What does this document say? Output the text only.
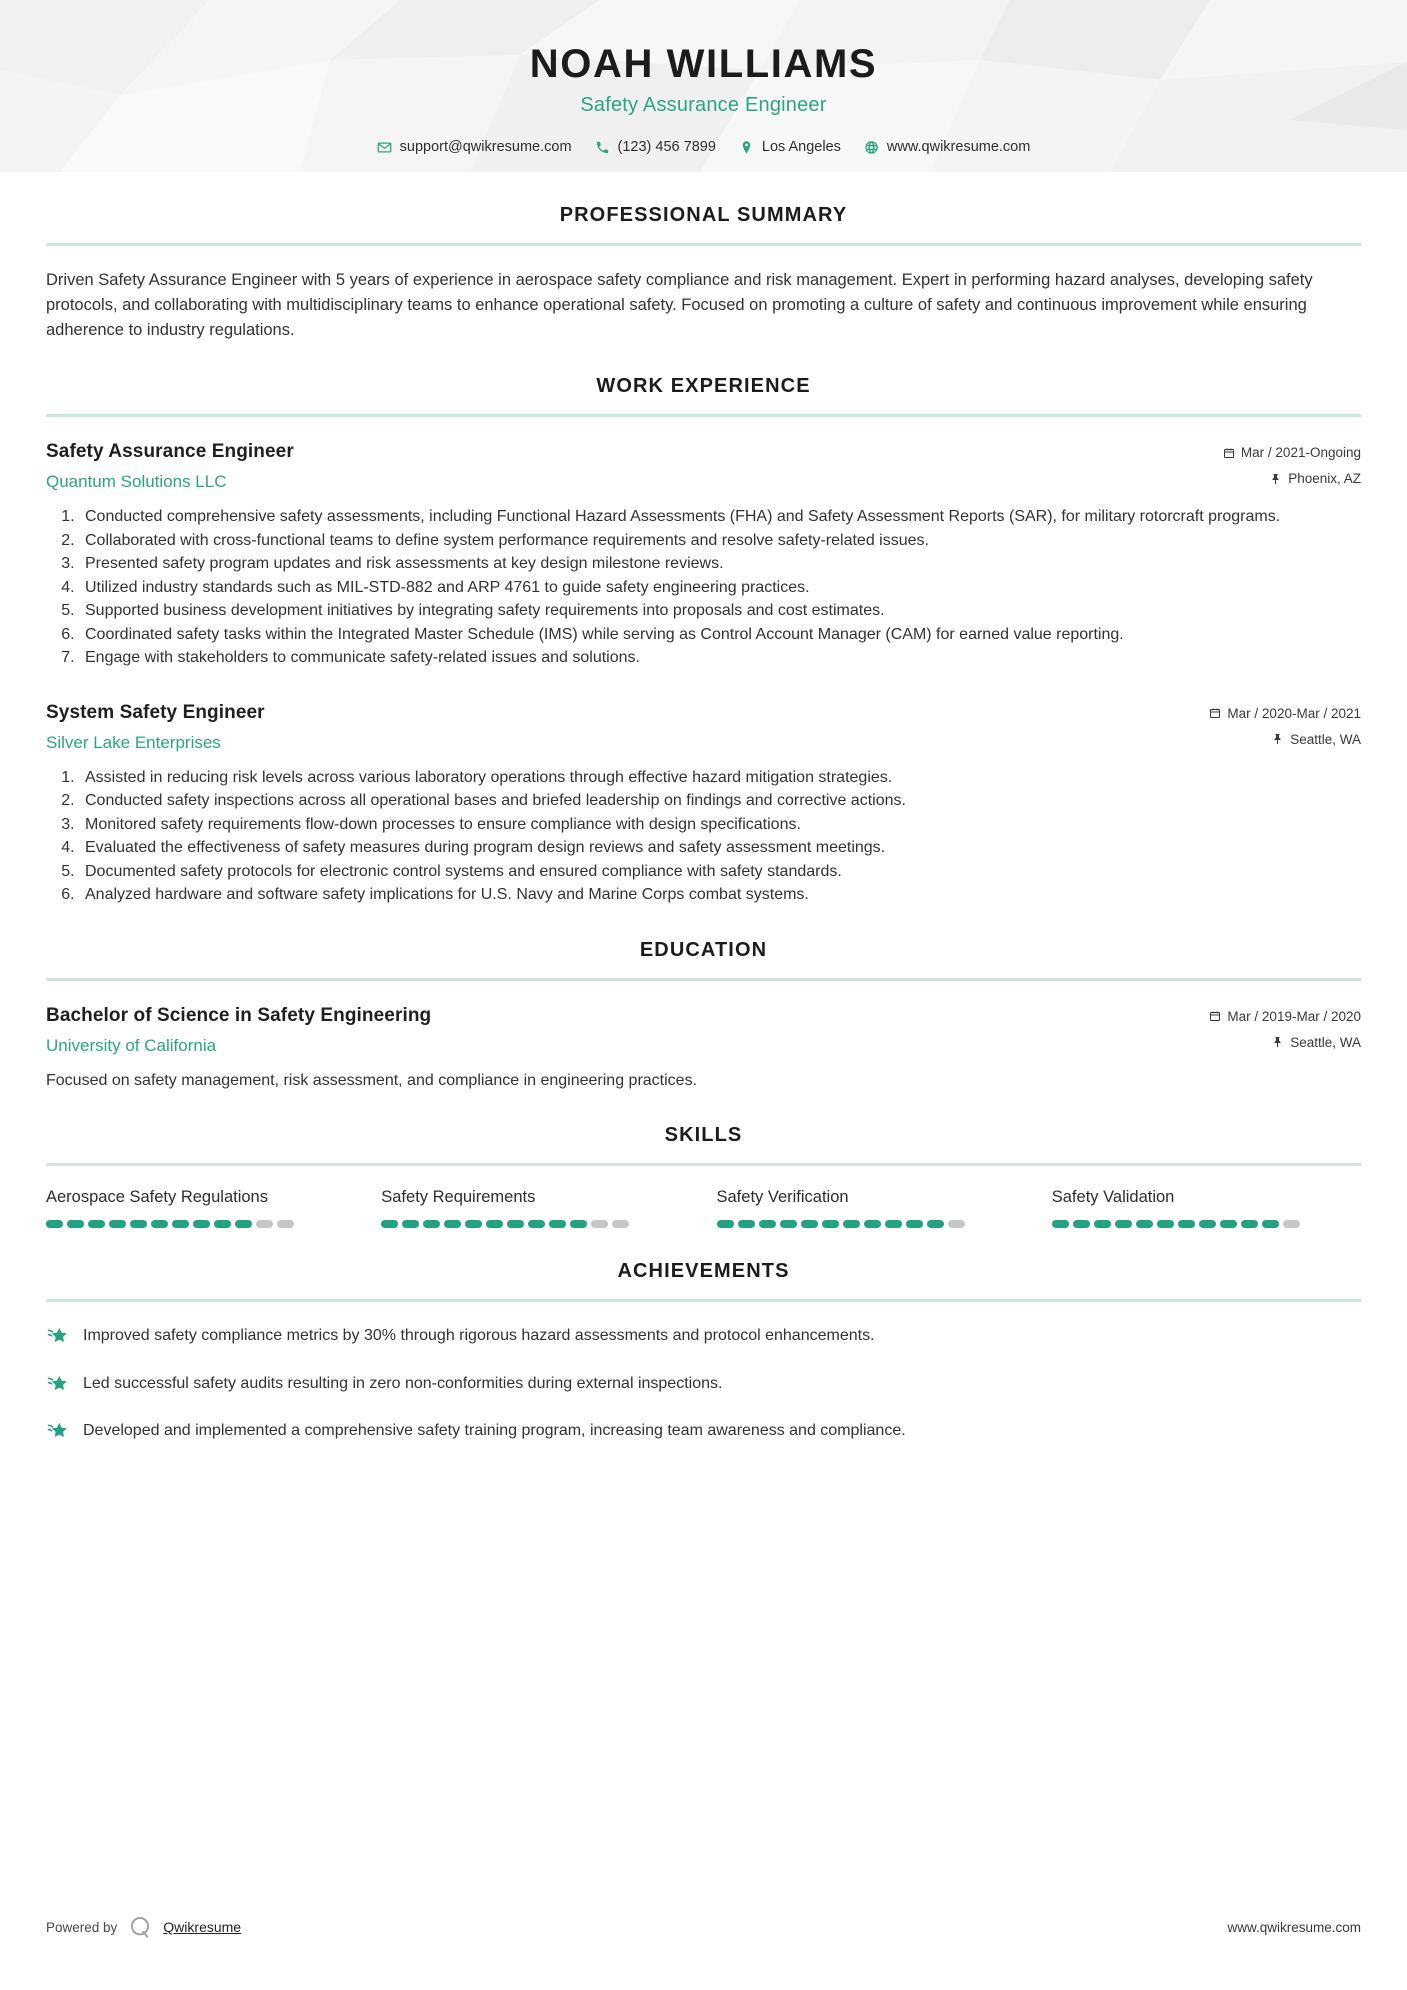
NOAH WILLIAMS
Safety Assurance Engineer
support@qwikresume.com	(123) 456 7899	Los Angeles	www.qwikresume.com
PROFESSIONAL SUMMARY

Driven Safety Assurance Engineer with 5 years of experience in aerospace safety compliance and risk management. Expert in performing hazard analyses, developing safety protocols, and collaborating with multidisciplinary teams to enhance operational safety. Focused on promoting a culture of safety and continuous improvement while ensuring adherence to industry regulations.

WORK EXPERIENCE
Safety Assurance Engineer
Quantum Solutions LLC
Mar / 2021-Ongoing
Phoenix, AZ
1. Conducted comprehensive safety assessments, including Functional Hazard Assessments (FHA) and Safety Assessment Reports (SAR), for military rotorcraft programs.
2. Collaborated with cross-functional teams to define system performance requirements and resolve safety-related issues.
3. Presented safety program updates and risk assessments at key design milestone reviews.
4. Utilized industry standards such as MIL-STD-882 and ARP 4761 to guide safety engineering practices.
5. Supported business development initiatives by integrating safety requirements into proposals and cost estimates.
6. Coordinated safety tasks within the Integrated Master Schedule (IMS) while serving as Control Account Manager (CAM) for earned value reporting.
7. Engage with stakeholders to communicate safety-related issues and solutions.
System Safety Engineer
Silver Lake Enterprises
Mar / 2020-Mar / 2021
Seattle, WA
1. Assisted in reducing risk levels across various laboratory operations through effective hazard mitigation strategies.
2. Conducted safety inspections across all operational bases and briefed leadership on findings and corrective actions.
3. Monitored safety requirements flow-down processes to ensure compliance with design specifications.
4. Evaluated the effectiveness of safety measures during program design reviews and safety assessment meetings.
5. Documented safety protocols for electronic control systems and ensured compliance with safety standards.
6. Analyzed hardware and software safety implications for U.S. Navy and Marine Corps combat systems.
EDUCATION
Bachelor of Science in Safety Engineering
University of California
Mar / 2019-Mar / 2020
Seattle, WA

Focused on safety management, risk assessment, and compliance in engineering practices.

SKILLS
Aerospace Safety Regulations	Safety Requirements	Safety Verification	Safety Validation
ACHIEVEMENTS
Improved safety compliance metrics by 30% through rigorous hazard assessments and protocol enhancements.
Led successful safety audits resulting in zero non-conformities during external inspections.
Developed and implemented a comprehensive safety training program, increasing team awareness and compliance.
Powered by	Qwikresume	www.qwikresume.com
